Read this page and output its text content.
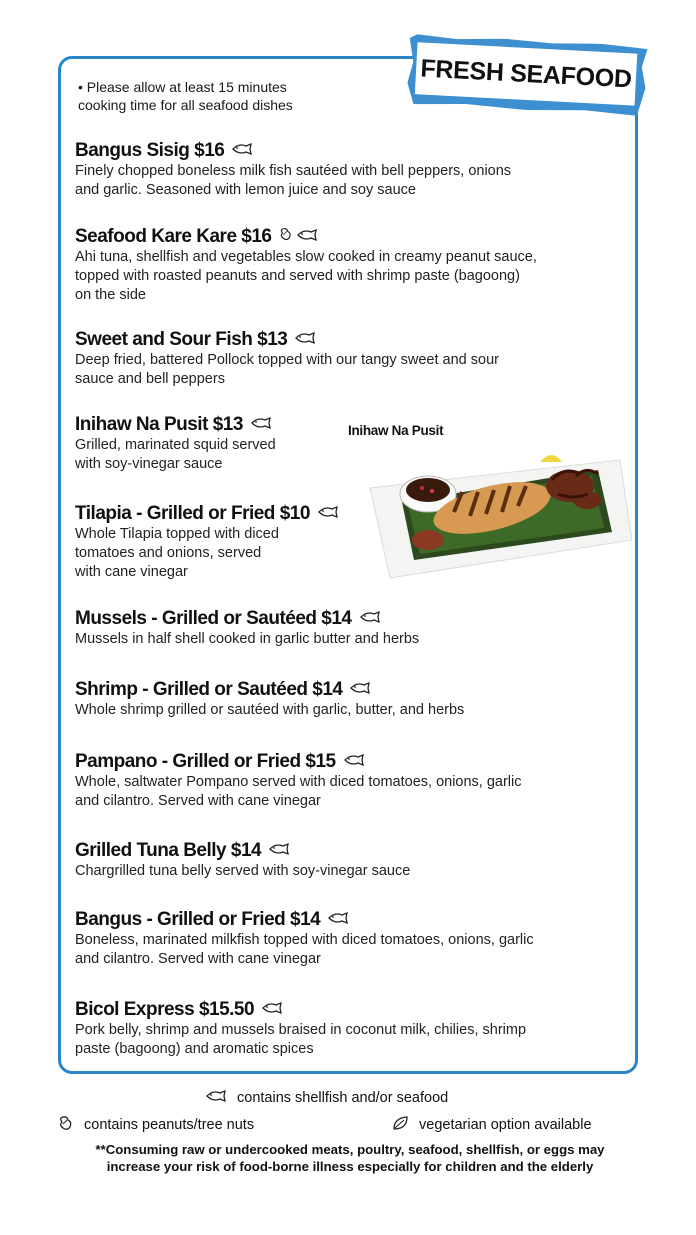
FRESH SEAFOOD
• Please allow at least 15 minutes
cooking time for all seafood dishes
Bangus Sisig $16
Finely chopped boneless milk fish sautéed with bell peppers, onions
and garlic. Seasoned with lemon juice and soy sauce
Seafood Kare Kare $16
Ahi tuna, shellfish and vegetables slow cooked in creamy peanut sauce,
topped with roasted peanuts and served with shrimp paste (bagoong)
on the side
Sweet and Sour Fish $13
Deep fried, battered Pollock topped with our tangy sweet and sour
sauce and bell peppers
Inihaw Na Pusit $13
Grilled, marinated squid served
with soy-vinegar sauce
Tilapia - Grilled or Fried $10
Whole Tilapia topped with diced
tomatoes and onions, served
with cane vinegar
Mussels - Grilled or Sautéed $14
Mussels in half shell cooked in garlic butter and herbs
Shrimp - Grilled or Sautéed $14
Whole shrimp grilled or sautéed with garlic, butter, and herbs
Pampano - Grilled or Fried $15
Whole, saltwater Pompano served with diced tomatoes, onions, garlic
and cilantro. Served with cane vinegar
Grilled Tuna Belly $14
Chargrilled tuna belly served with soy-vinegar sauce
Bangus - Grilled or Fried $14
Boneless, marinated milkfish topped with diced tomatoes, onions, garlic
and cilantro. Served with cane vinegar
Bicol Express $15.50
Pork belly, shrimp and mussels braised in coconut milk, chilies, shrimp
paste (bagoong) and aromatic spices
Inihaw Na Pusit
contains shellfish and/or seafood
contains peanuts/tree nuts	vegetarian option available
**Consuming raw or undercooked meats, poultry, seafood, shellfish, or eggs may
increase your risk of food-borne illness especially for children and the elderly
